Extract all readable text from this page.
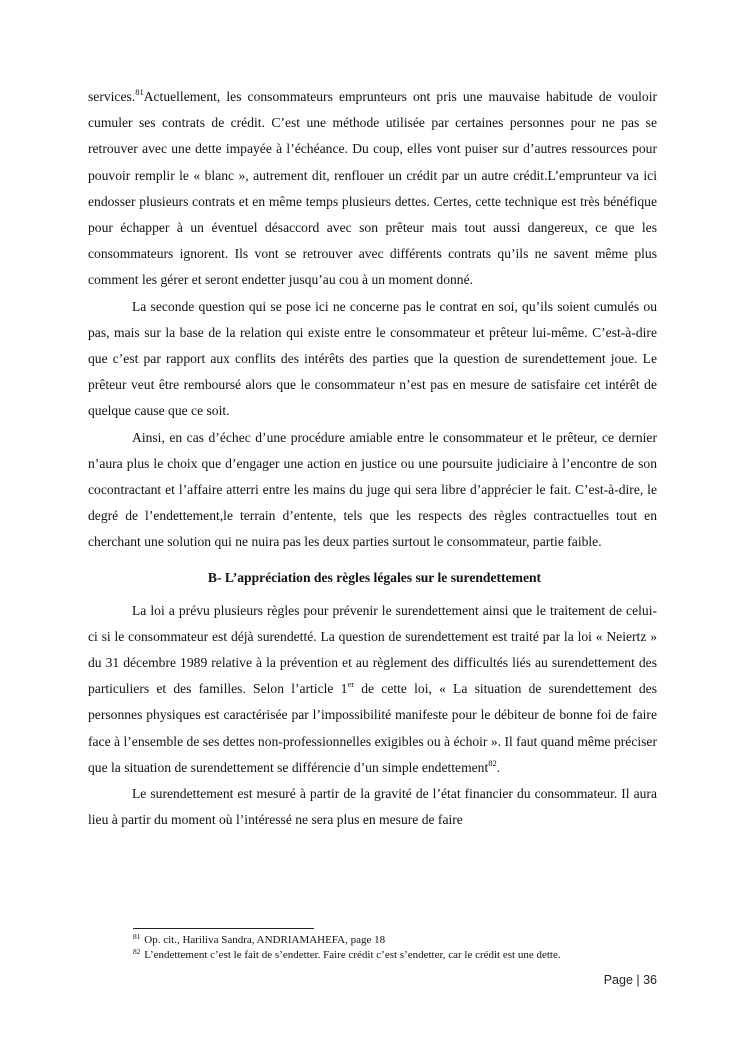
services.$^{81}$Actuellement, les consommateurs emprunteurs ont pris une mauvaise habitude de vouloir cumuler ses contrats de crédit. C’est une méthode utilisée par certaines personnes pour ne pas se retrouver avec une dette impayée à l’échéance. Du coup, elles vont puiser sur d’autres ressources pour pouvoir remplir le « blanc », autrement dit, renflouer un crédit par un autre crédit.L’emprunteur va ici endosser plusieurs contrats et en même temps plusieurs dettes. Certes, cette technique est très bénéfique pour échapper à un éventuel désaccord avec son prêteur mais tout aussi dangereux, ce que les consommateurs ignorent. Ils vont se retrouver avec différents contrats qu’ils ne savent même plus comment les gérer et seront endetter jusqu’au cou à un moment donné.

La seconde question qui se pose ici ne concerne pas le contrat en soi, qu’ils soient cumulés ou pas, mais sur la base de la relation qui existe entre le consommateur et prêteur lui-même. C’est-à-dire que c’est par rapport aux conflits des intérêts des parties que la question de surendettement joue. Le prêteur veut être remboursé alors que le consommateur n’est pas en mesure de satisfaire cet intérêt de quelque cause que ce soit.

Ainsi, en cas d’échec d’une procédure amiable entre le consommateur et le prêteur, ce dernier n’aura plus le choix que d’engager une action en justice ou une poursuite judiciaire à l’encontre de son cocontractant et l’affaire atterri entre les mains du juge qui sera libre d’apprécier le fait. C’est-à-dire, le degré de l’endettement,le terrain d’entente, tels que les respects des règles contractuelles tout en cherchant une solution qui ne nuira pas les deux parties surtout le consommateur, partie faible.

B- L’appréciation des règles légales sur le surendettement

La loi a prévu plusieurs règles pour prévenir le surendettement ainsi que le traitement de celui-ci si le consommateur est déjà surendetté. La question de surendettement est traité par la loi « Neiertz » du 31 décembre 1989 relative à la prévention et au règlement des difficultés liés au surendettement des particuliers et des familles. Selon l’article 1er de cette loi, « La situation de surendettement des personnes physiques est caractérisée par l’impossibilité manifeste pour le débiteur de bonne foi de faire face à l’ensemble de ses dettes non-professionnelles exigibles ou à échoir ». Il faut quand même préciser que la situation de surendettement se différencie d’un simple endettement$^{82}$.

Le surendettement est mesuré à partir de la gravité de l’état financier du consommateur. Il aura lieu à partir du moment où l’intéressé ne sera plus en mesure de faire

$^{81}$ Op. cit., Hariliva Sandra, ANDRIAMAHEFA, page 18
$^{82}$ L’endettement c’est le fait de s’endetter. Faire crédit c’est s’endetter, car le crédit est une dette.
Page | 36
